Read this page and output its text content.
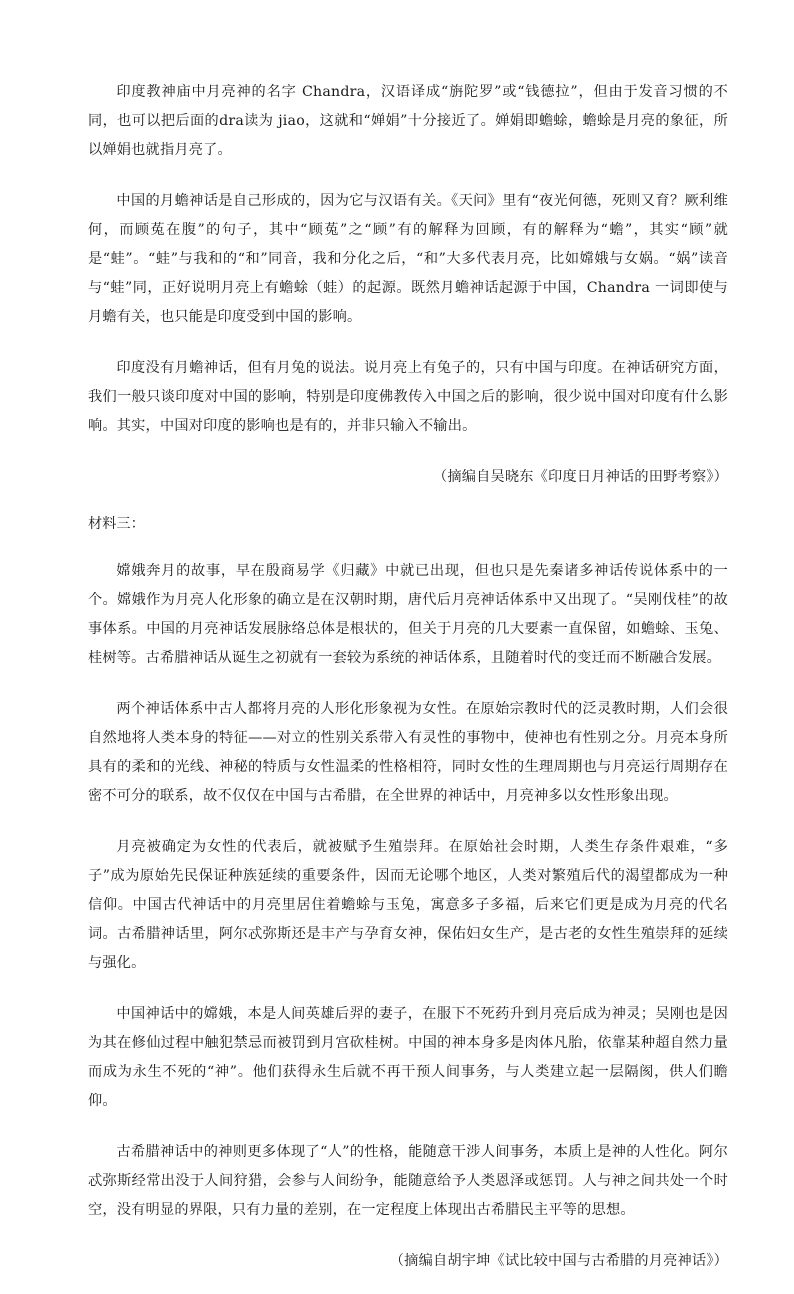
印度教神庙中月亮神的名字 Chandra，汉语译成“旃陀罗”或“钱德拉”，但由于发音习惯的不同，也可以把后面的dra读为 jiao，这就和“婵娟”十分接近了。婵娟即蟾蜍，蟾蜍是月亮的象征，所以婵娟也就指月亮了。

中国的月蟾神话是自己形成的，因为它与汉语有关。《天问》里有“夜光何德，死则又育？厥利维何，而顾菟在腹”的句子，其中“顾菟”之“顾”有的解释为回顾，有的解释为“蟾”，其实“顾”就是“蛙”。“蛙”与我和的“和”同音，我和分化之后，“和”大多代表月亮，比如嫦娥与女娲。“娲”读音与“蛙”同，正好说明月亮上有蟾蜍（蛙）的起源。既然月蟾神话起源于中国，Chandra 一词即使与月蟾有关，也只能是印度受到中国的影响。

印度没有月蟾神话，但有月兔的说法。说月亮上有兔子的，只有中国与印度。在神话研究方面，我们一般只谈印度对中国的影响，特别是印度佛教传入中国之后的影响，很少说中国对印度有什么影响。其实，中国对印度的影响也是有的，并非只输入不输出。

（摘编自吴晓东《印度日月神话的田野考察》）

材料三：

嫦娥奔月的故事，早在殷商易学《归藏》中就已出现，但也只是先秦诸多神话传说体系中的一个。嫦娥作为月亮人化形象的确立是在汉朝时期，唐代后月亮神话体系中又出现了。“吴刚伐桂”的故事体系。中国的月亮神话发展脉络总体是根状的，但关于月亮的几大要素一直保留，如蟾蜍、玉兔、桂树等。古希腊神话从诞生之初就有一套较为系统的神话体系，且随着时代的变迁而不断融合发展。

两个神话体系中古人都将月亮的人形化形象视为女性。在原始宗教时代的泛灵教时期，人们会很自然地将人类本身的特征——对立的性别关系带入有灵性的事物中，使神也有性别之分。月亮本身所具有的柔和的光线、神秘的特质与女性温柔的性格相符，同时女性的生理周期也与月亮运行周期存在密不可分的联系，故不仅仅在中国与古希腊，在全世界的神话中，月亮神多以女性形象出现。

月亮被确定为女性的代表后，就被赋予生殖崇拜。在原始社会时期，人类生存条件艰难，“多子”成为原始先民保证种族延续的重要条件，因而无论哪个地区，人类对繁殖后代的渴望都成为一种信仰。中国古代神话中的月亮里居住着蟾蜍与玉兔，寓意多子多福，后来它们更是成为月亮的代名词。古希腊神话里，阿尔忒弥斯还是丰产与孕育女神，保佑妇女生产，是古老的女性生殖崇拜的延续与强化。

中国神话中的嫦娥，本是人间英雄后羿的妻子，在服下不死药升到月亮后成为神灵；吴刚也是因为其在修仙过程中触犯禁忌而被罚到月宫砍桂树。中国的神本身多是肉体凡胎，依靠某种超自然力量而成为永生不死的“神”。他们获得永生后就不再干预人间事务，与人类建立起一层隔阂，供人们瞻仰。

古希腊神话中的神则更多体现了“人”的性格，能随意干涉人间事务，本质上是神的人性化。阿尔忒弥斯经常出没于人间狩猎，会参与人间纷争，能随意给予人类恩泽或惩罚。人与神之间共处一个时空，没有明显的界限，只有力量的差别，在一定程度上体现出古希腊民主平等的思想。

（摘编自胡宇坤《试比较中国与古希腊的月亮神话》）
